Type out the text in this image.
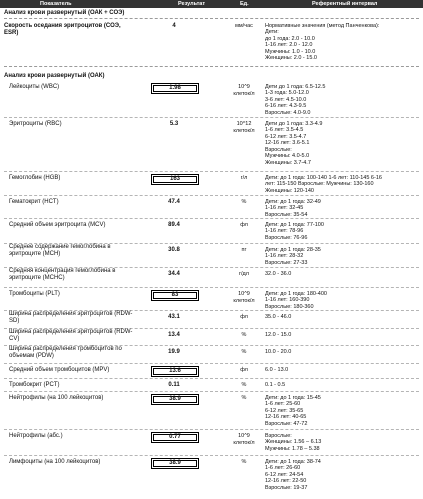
Показатель	Результат	Ед.	Референтный интервал
Анализ крови развернутый (ОАК + СОЭ)
Скорость оседания эритроцитов (СОЭ, ESR)
4	мм/час	Нормативные значения (метод Панченкова):
Дети:
до 1 года: 2.0 - 10.0
1-16 лет: 2.0 - 12.0
Мужчины: 1.0 - 10.0
Женщины: 2.0 - 15.0
Анализ крови развернутый (ОАК)
Лейкоциты (WBC)	1.98	10^9
клеток/л
Дети до 1 года: 6.5-12.5
1-3 года: 5.0-12.0
3-6 лет: 4.5-10.0
6-16 лет: 4.3-9.5
Взрослые: 4.0-9.0
Эритроциты (RBC)	5.3	10^12
клеток/л
Дети до 1 года: 3.3-4.9
1-6 лет: 3.5-4.5
6-12 лет: 3.5-4.7
12-16 лет: 3.6-5.1
Взрослые:
Мужчины: 4.0-5.0
Женщины: 3.7-4.7
Гемоглобин (HGB)	163	г/л	Дети: до 1 года: 100-140 1-6 лет: 110-145 6-16
лет: 115-150 Взрослые: Мужчины: 130-160
Женщины: 120-140
Гематокрит (HCT)	47.4	%	Дети: до 1 года: 32-49
1-16 лет: 32-45
Взрослые: 35-54
Средний объем эритроцита (MCV)	89.4	фл	Дети: до 1 года: 77-100
1-16 лет: 78-96
Взрослые: 76-96
Среднее содержание гемоглобина в эритроците (MCH)
30.8	пг	Дети: до 1 года: 28-35
1-16 лет: 28-32
Взрослые: 27-33
Средняя концентрация гемоглобина в эритроците (MCHC)
34.4	г/дл	32.0 - 36.0
Тромбоциты (PLT)	83	10^9
клеток/л
Дети: до 1 года: 180-400
1-16 лет: 160-390
Взрослые: 180-360
Ширина распределения эритроцитов (RDW-SD)
43.1	фл	35.0 - 46.0
Ширина распределения эритроцитов (RDW-CV)
13.4	%	12.0 - 15.0
Ширина распределения тромбоцитов по объемам (PDW)
19.9	%	10.0 - 20.0
Средний объем тромбоцитов (MPV)	13.6	фл	6.0 - 13.0
Тромбокрит (PCT)	0.11	%	0.1 - 0.5
Нейтрофилы (на 100 лейкоцитов)	38.9	%	Дети: до 1 года: 15-45
1-6 лет: 25-60
6-12 лет: 35-65
12-16 лет: 40-65
Взрослые: 47-72
Нейтрофилы (абс.)	0.77	10^9
клеток/л
Взрослые:
Женщины: 1.56 – 6.13
Мужчины: 1.78 – 5.38
Лимфоциты (на 100 лейкоцитов)	38.9	%	Дети: до 1 года: 38-74
1-6 лет: 26-60
6-12 лет: 24-54
12-16 лет: 22-50
Взрослые: 19-37
